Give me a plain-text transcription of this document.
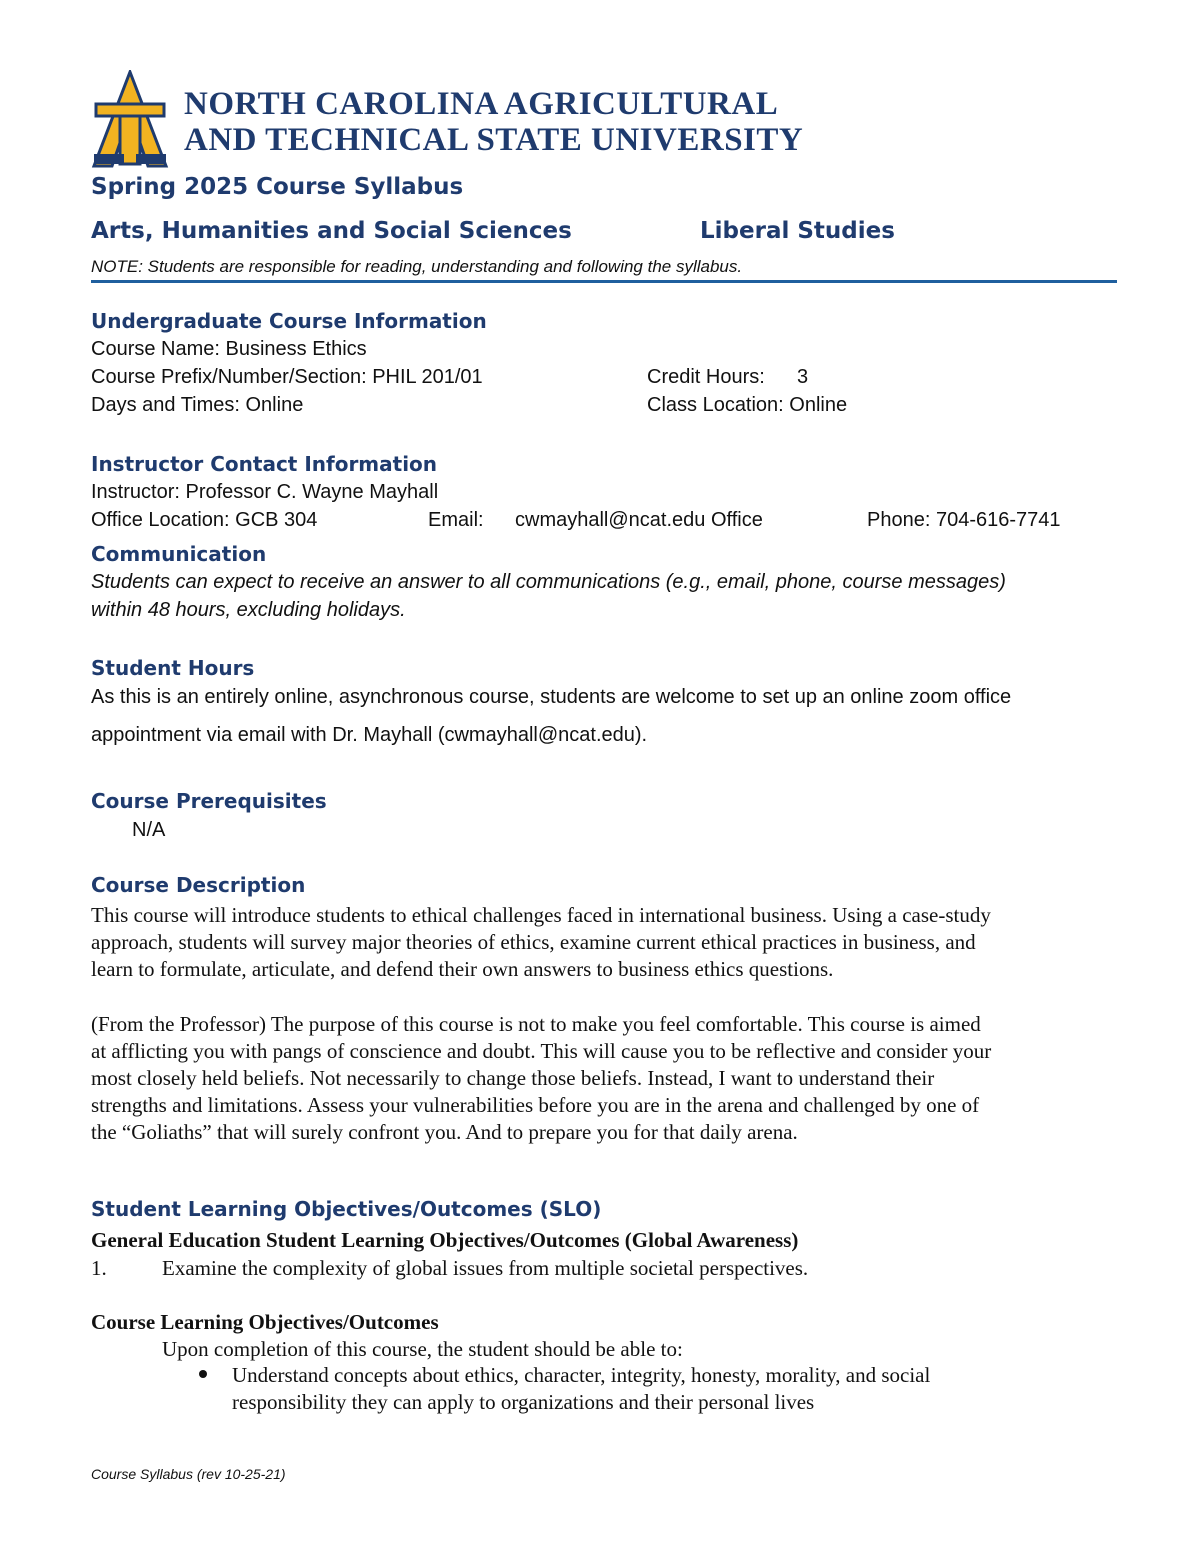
NORTH CAROLINA AGRICULTURAL
AND TECHNICAL STATE UNIVERSITY
Spring 2025 Course Syllabus
Arts, Humanities and Social Sciences	Liberal Studies
NOTE: Students are responsible for reading, understanding and following the syllabus.
Undergraduate Course Information
Course Name: Business Ethics
Course Prefix/Number/Section: PHIL 201/01	Credit Hours: 3
Days and Times: Online	Class Location: Online
Instructor Contact Information
Instructor: Professor C. Wayne Mayhall
Office Location: GCB 304	Email: cwmayhall@ncat.edu Office	Phone: 704-616-7741
Communication
Students can expect to receive an answer to all communications (e.g., email, phone, course messages)
within 48 hours, excluding holidays.
Student Hours
As this is an entirely online, asynchronous course, students are welcome to set up an online zoom office
appointment via email with Dr. Mayhall (cwmayhall@ncat.edu).
Course Prerequisites
N/A
Course Description
This course will introduce students to ethical challenges faced in international business. Using a case-study
approach, students will survey major theories of ethics, examine current ethical practices in business, and
learn to formulate, articulate, and defend their own answers to business ethics questions.
(From the Professor) The purpose of this course is not to make you feel comfortable. This course is aimed
at afflicting you with pangs of conscience and doubt. This will cause you to be reflective and consider your
most closely held beliefs. Not necessarily to change those beliefs. Instead, I want to understand their
strengths and limitations. Assess your vulnerabilities before you are in the arena and challenged by one of
the “Goliaths” that will surely confront you. And to prepare you for that daily arena.
Student Learning Objectives/Outcomes (SLO)
General Education Student Learning Objectives/Outcomes (Global Awareness)
1.	Examine the complexity of global issues from multiple societal perspectives.
Course Learning Objectives/Outcomes
Upon completion of this course, the student should be able to:
Understand concepts about ethics, character, integrity, honesty, morality, and social
responsibility they can apply to organizations and their personal lives
Course Syllabus (rev 10-25-21)
